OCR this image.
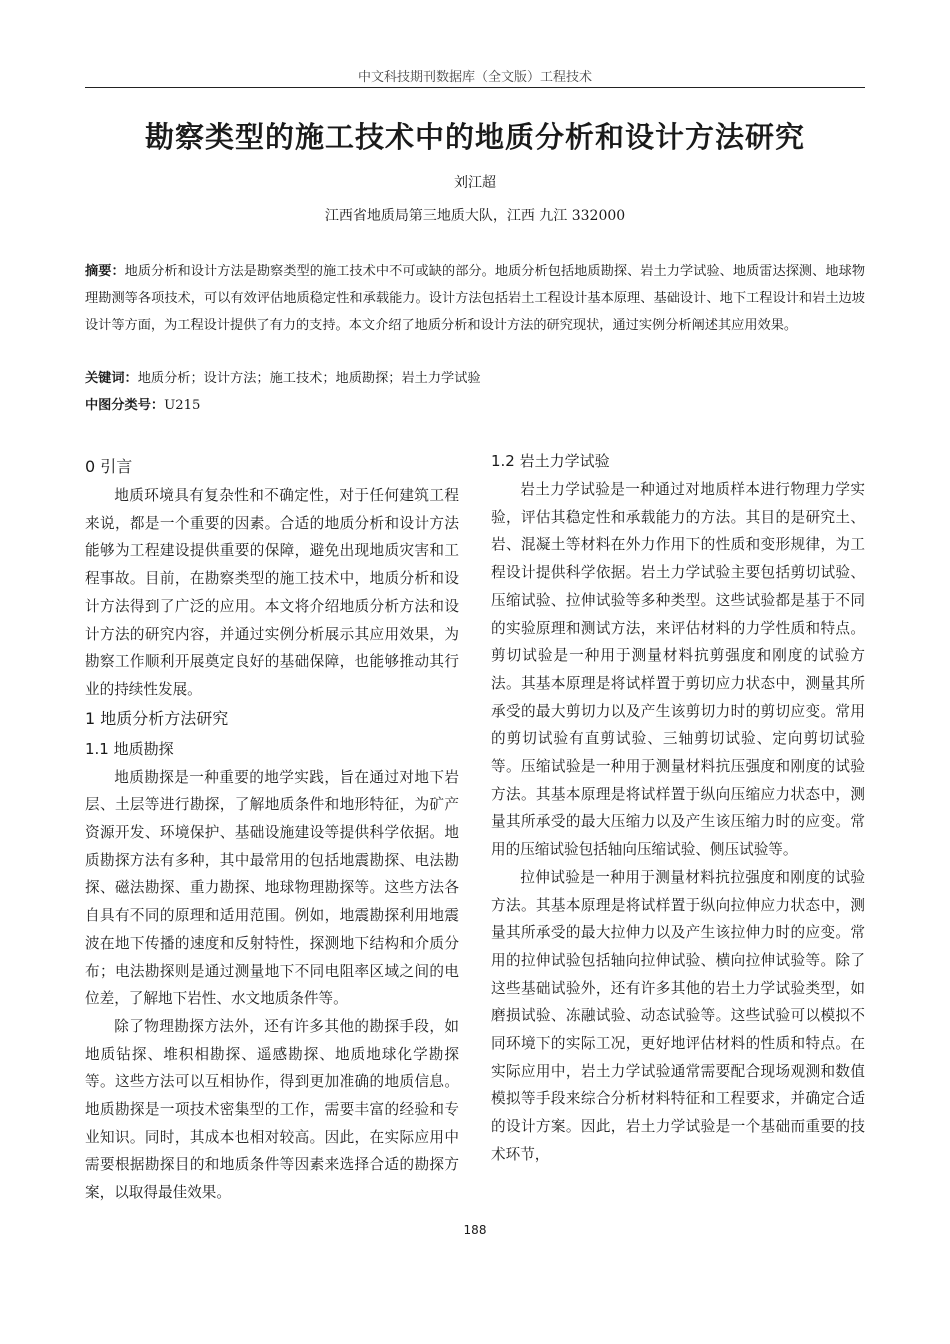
中文科技期刊数据库（全文版）工程技术
勘察类型的施工技术中的地质分析和设计方法研究
刘江超
江西省地质局第三地质大队，江西 九江 332000
摘要：地质分析和设计方法是勘察类型的施工技术中不可或缺的部分。地质分析包括地质勘探、岩土力学试验、地质雷达探测、地球物理勘测等各项技术，可以有效评估地质稳定性和承载能力。设计方法包括岩土工程设计基本原理、基础设计、地下工程设计和岩土边坡设计等方面，为工程设计提供了有力的支持。本文介绍了地质分析和设计方法的研究现状，通过实例分析阐述其应用效果。
关键词：地质分析；设计方法；施工技术；地质勘探；岩土力学试验
中图分类号：U215
0 引言

地质环境具有复杂性和不确定性，对于任何建筑工程来说，都是一个重要的因素。合适的地质分析和设计方法能够为工程建设提供重要的保障，避免出现地质灾害和工程事故。目前，在勘察类型的施工技术中，地质分析和设计方法得到了广泛的应用。本文将介绍地质分析方法和设计方法的研究内容，并通过实例分析展示其应用效果，为勘察工作顺利开展奠定良好的基础保障，也能够推动其行业的持续性发展。

1 地质分析方法研究
1.1 地质勘探

地质勘探是一种重要的地学实践，旨在通过对地下岩层、土层等进行勘探，了解地质条件和地形特征，为矿产资源开发、环境保护、基础设施建设等提供科学依据。地质勘探方法有多种，其中最常用的包括地震勘探、电法勘探、磁法勘探、重力勘探、地球物理勘探等。这些方法各自具有不同的原理和适用范围。例如，地震勘探利用地震波在地下传播的速度和反射特性，探测地下结构和介质分布；电法勘探则是通过测量地下不同电阻率区域之间的电位差，了解地下岩性、水文地质条件等。

除了物理勘探方法外，还有许多其他的勘探手段，如地质钻探、堆积相勘探、遥感勘探、地质地球化学勘探等。这些方法可以互相协作，得到更加准确的地质信息。地质勘探是一项技术密集型的工作，需要丰富的经验和专业知识。同时，其成本也相对较高。因此，在实际应用中需要根据勘探目的和地质条件等因素来选择合适的勘探方案，以取得最佳效果。

1.2 岩土力学试验

岩土力学试验是一种通过对地质样本进行物理力学实验，评估其稳定性和承载能力的方法。其目的是研究土、岩、混凝土等材料在外力作用下的性质和变形规律，为工程设计提供科学依据。岩土力学试验主要包括剪切试验、压缩试验、拉伸试验等多种类型。这些试验都是基于不同的实验原理和测试方法，来评估材料的力学性质和特点。剪切试验是一种用于测量材料抗剪强度和刚度的试验方法。其基本原理是将试样置于剪切应力状态中，测量其所承受的最大剪切力以及产生该剪切力时的剪切应变。常用的剪切试验有直剪试验、三轴剪切试验、定向剪切试验等。压缩试验是一种用于测量材料抗压强度和刚度的试验方法。其基本原理是将试样置于纵向压缩应力状态中，测量其所承受的最大压缩力以及产生该压缩力时的应变。常用的压缩试验包括轴向压缩试验、侧压试验等。

拉伸试验是一种用于测量材料抗拉强度和刚度的试验方法。其基本原理是将试样置于纵向拉伸应力状态中，测量其所承受的最大拉伸力以及产生该拉伸力时的应变。常用的拉伸试验包括轴向拉伸试验、横向拉伸试验等。除了这些基础试验外，还有许多其他的岩土力学试验类型，如磨损试验、冻融试验、动态试验等。这些试验可以模拟不同环境下的实际工况，更好地评估材料的性质和特点。在实际应用中，岩土力学试验通常需要配合现场观测和数值模拟等手段来综合分析材料特征和工程要求，并确定合适的设计方案。因此，岩土力学试验是一个基础而重要的技术环节，

188
